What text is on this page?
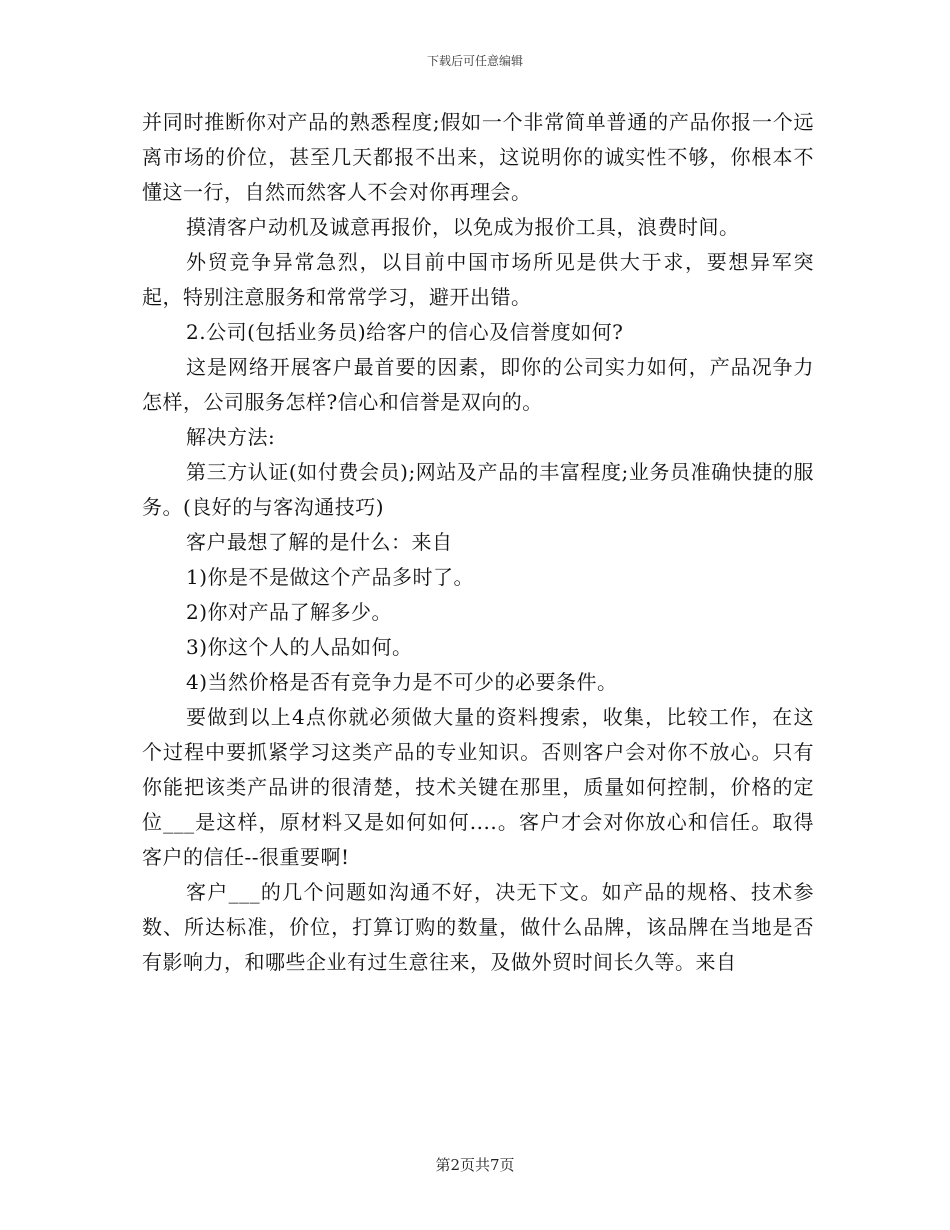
下载后可任意编辑

并同时推断你对产品的熟悉程度;假如一个非常简单普通的产品你报一个远离市场的价位，甚至几天都报不出来，这说明你的诚实性不够，你根本不懂这一行，自然而然客人不会对你再理会。

摸清客户动机及诚意再报价，以免成为报价工具，浪费时间。

外贸竞争异常急烈，以目前中国市场所见是供大于求，要想异军突起，特别注意服务和常常学习，避开出错。

2.公司(包括业务员)给客户的信心及信誉度如何?

这是网络开展客户最首要的因素，即你的公司实力如何，产品况争力怎样，公司服务怎样?信心和信誉是双向的。

解决方法:

第三方认证(如付费会员);网站及产品的丰富程度;业务员准确快捷的服务。(良好的与客沟通技巧)

客户最想了解的是什么：来自

1)你是不是做这个产品多时了。

2)你对产品了解多少。

3)你这个人的人品如何。

4)当然价格是否有竞争力是不可少的必要条件。

要做到以上4点你就必须做大量的资料搜索，收集，比较工作，在这个过程中要抓紧学习这类产品的专业知识。否则客户会对你不放心。只有你能把该类产品讲的很清楚，技术关键在那里，质量如何控制，价格的定位___是这样，原材料又是如何如何....。客户才会对你放心和信任。取得客户的信任--很重要啊!

客户___的几个问题如沟通不好，决无下文。如产品的规格、技术参数、所达标准，价位，打算订购的数量，做什么品牌，该品牌在当地是否有影响力，和哪些企业有过生意往来，及做外贸时间长久等。来自

第2页共7页
